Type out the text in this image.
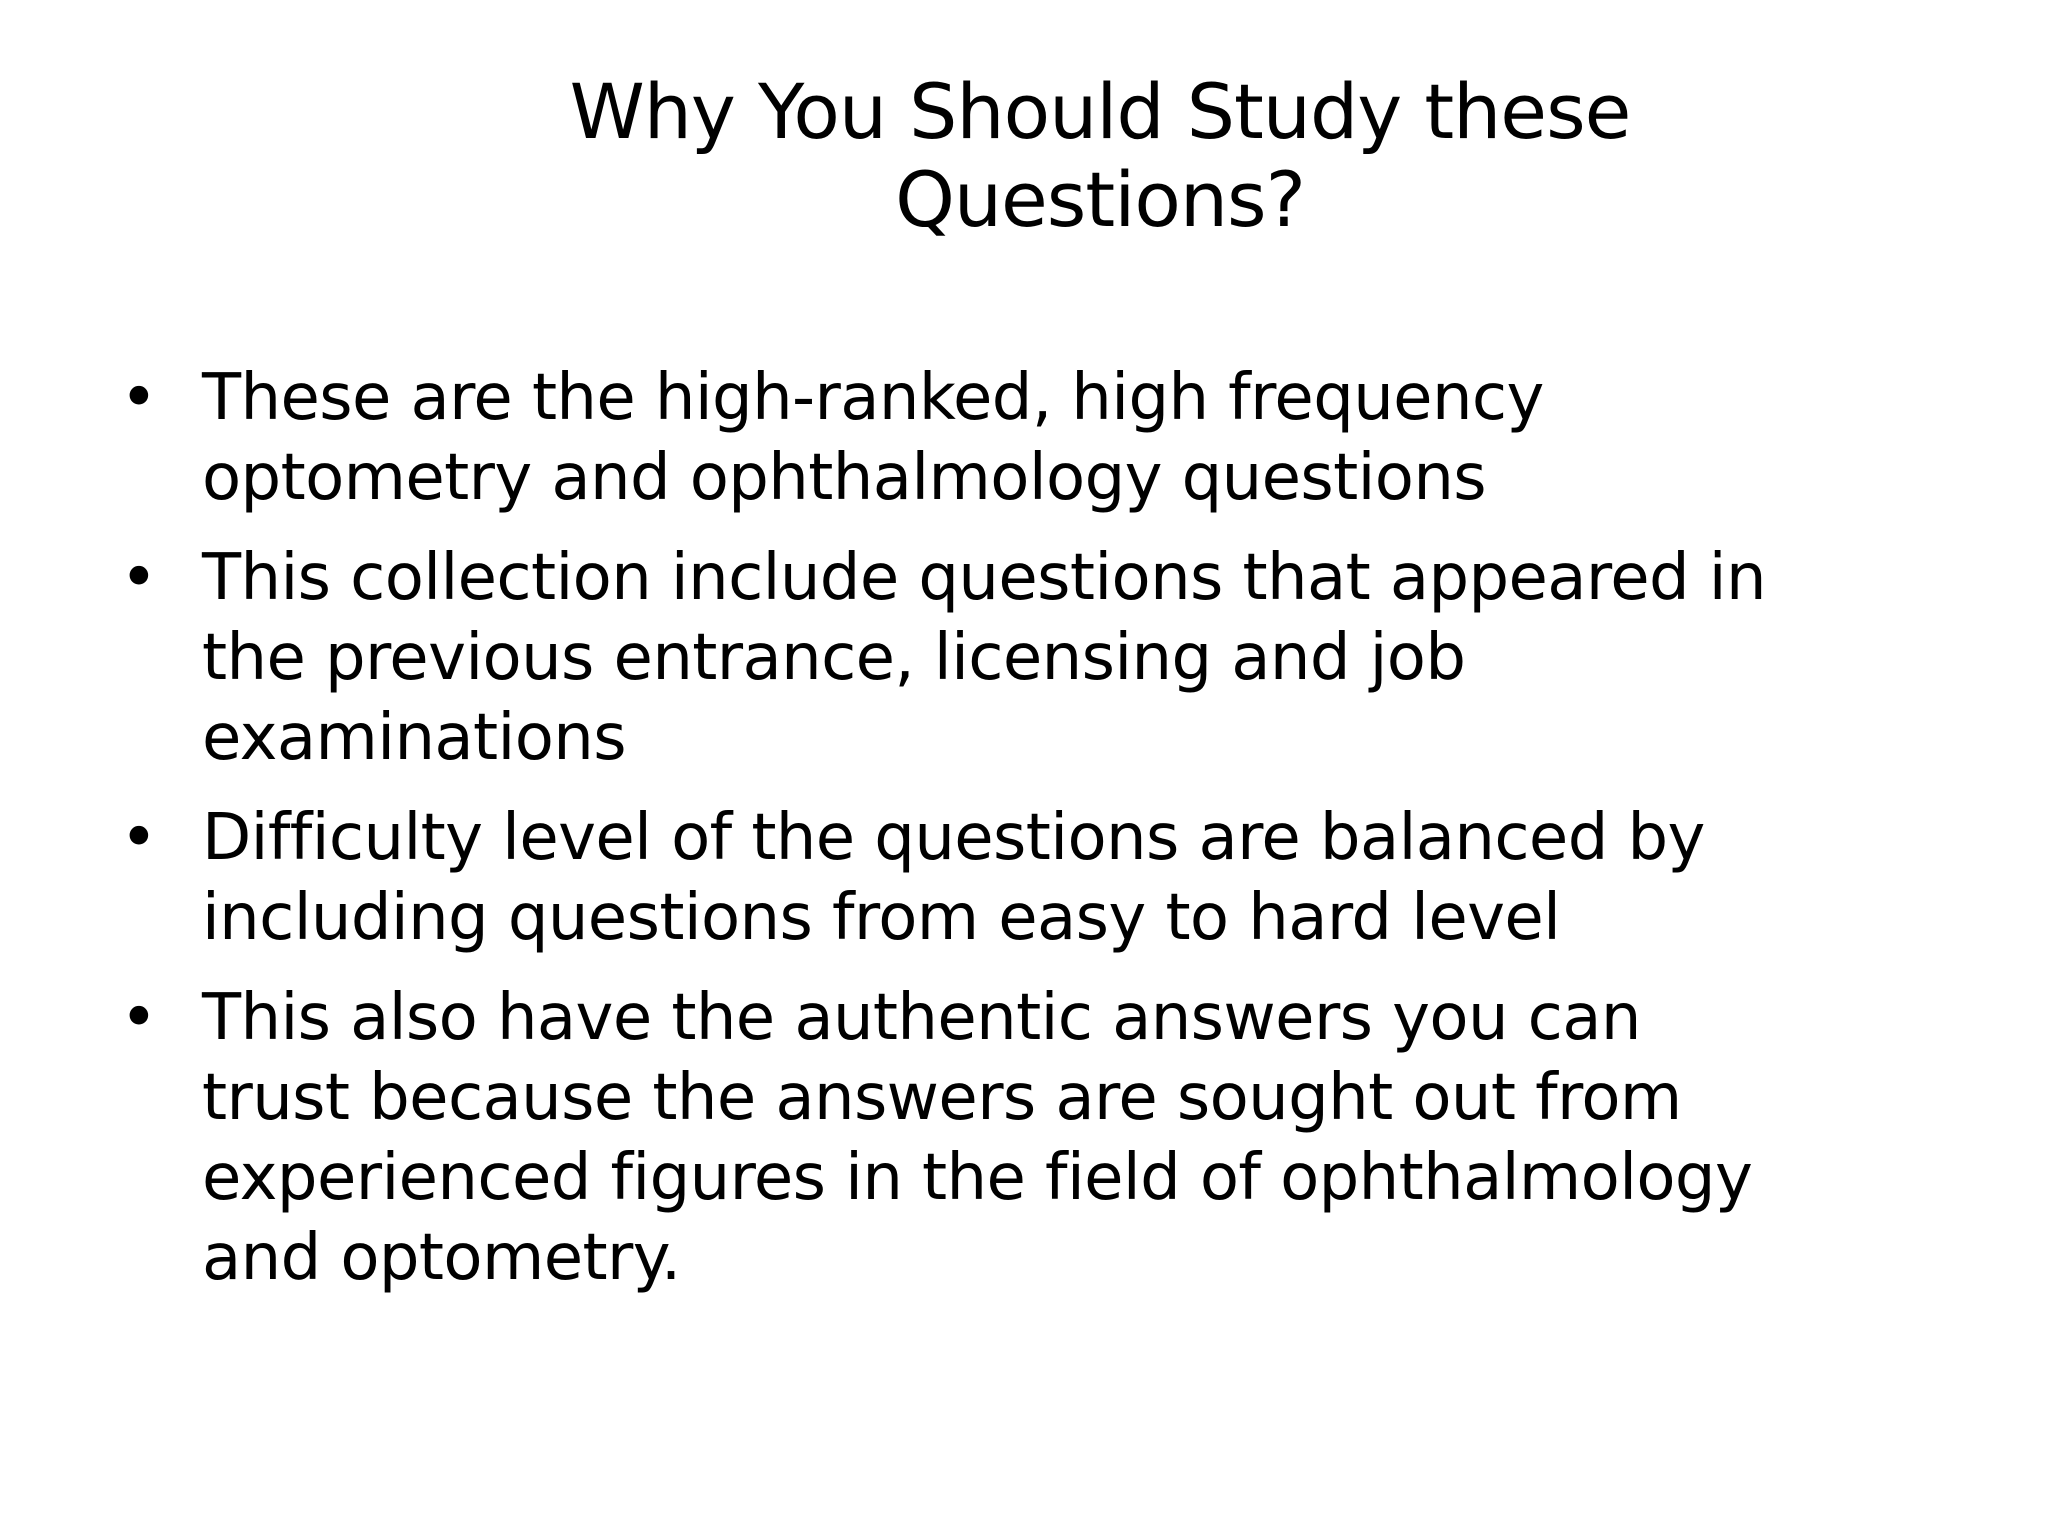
Why You Should Study these
Questions?
• These are the high-ranked, high frequency
optometry and ophthalmology questions
• This collection include questions that appeared in
the previous entrance, licensing and job
examinations
• Difficulty level of the questions are balanced by
including questions from easy to hard level
• This also have the authentic answers you can
trust because the answers are sought out from
experienced figures in the field of ophthalmology
and optometry.
